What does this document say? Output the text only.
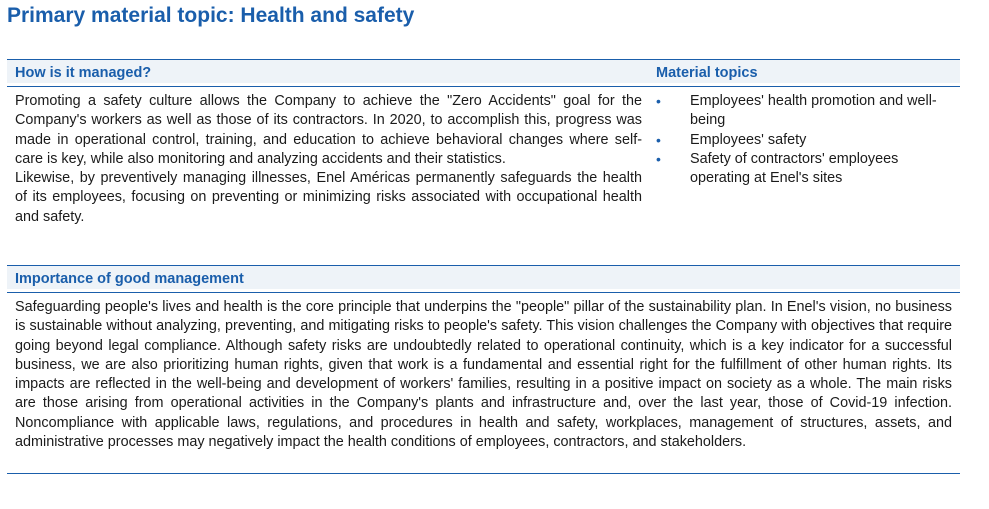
Primary material topic: Health and safety
How is it managed?	Material topics

Promoting a safety culture allows the Company to achieve the "Zero Accidents" goal for the Company's workers as well as those of its contractors. In 2020, to accomplish this, progress was made in operational control, training, and education to achieve behavioral changes where self-care is key, while also monitoring and analyzing accidents and their statistics.

Likewise, by preventively managing illnesses, Enel Américas permanently safeguards the health of its employees, focusing on preventing or minimizing risks associated with occupational health and safety.

• Employees' health promotion and well-being
• Employees' safety
• Safety of contractors' employees operating at Enel's sites
Importance of good management

Safeguarding people's lives and health is the core principle that underpins the "people" pillar of the sustainability plan. In Enel's vision, no business is sustainable without analyzing, preventing, and mitigating risks to people's safety. This vision challenges the Company with objectives that require going beyond legal compliance. Although safety risks are undoubtedly related to operational continuity, which is a key indicator for a successful business, we are also prioritizing human rights, given that work is a fundamental and essential right for the fulfillment of other human rights. Its impacts are reflected in the well-being and development of workers' families, resulting in a positive impact on society as a whole. The main risks are those arising from operational activities in the Company's plants and infrastructure and, over the last year, those of Covid-19 infection. Noncompliance with applicable laws, regulations, and procedures in health and safety, workplaces, management of structures, assets, and administrative processes may negatively impact the health conditions of employees, contractors, and stakeholders.
